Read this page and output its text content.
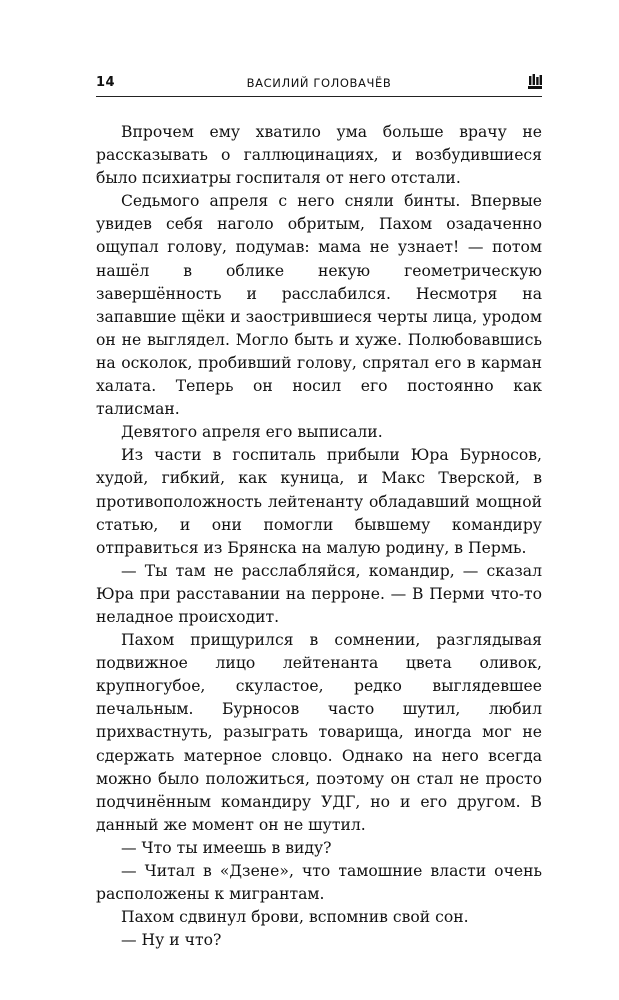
14	ВАСИЛИЙ ГОЛОВАЧЁВ

Впрочем ему хватило ума больше врачу не рассказывать о галлюцинациях, и возбудившиеся было психиатры госпиталя от него отстали.

Седьмого апреля с него сняли бинты. Впервые увидев себя наголо обритым, Пахом озадаченно ощупал голову, подумав: мама не узнает! — потом нашёл в облике некую геометрическую завершённость и расслабился. Несмотря на запавшие щёки и заострившиеся черты лица, уродом он не выглядел. Могло быть и хуже. Полюбовавшись на осколок, пробивший голову, спрятал его в карман халата. Теперь он носил его постоянно как талисман.

Девятого апреля его выписали.

Из части в госпиталь прибыли Юра Бурносов, худой, гибкий, как куница, и Макс Тверской, в противоположность лейтенанту обладавший мощной статью, и они помогли бывшему командиру отправиться из Брянска на малую родину, в Пермь.

— Ты там не расслабляйся, командир, — сказал Юра при расставании на перроне. — В Перми что-то неладное происходит.

Пахом прищурился в сомнении, разглядывая подвижное лицо лейтенанта цвета оливок, крупногубое, скуластое, редко выглядевшее печальным. Бурносов часто шутил, любил прихвастнуть, разыграть товарища, иногда мог не сдержать матерное словцо. Однако на него всегда можно было положиться, поэтому он стал не просто подчинённым командиру УДГ, но и его другом. В данный же момент он не шутил.

— Что ты имеешь в виду?

— Читал в «Дзене», что тамошние власти очень расположены к мигрантам.

Пахом сдвинул брови, вспомнив свой сон.

— Ну и что?
